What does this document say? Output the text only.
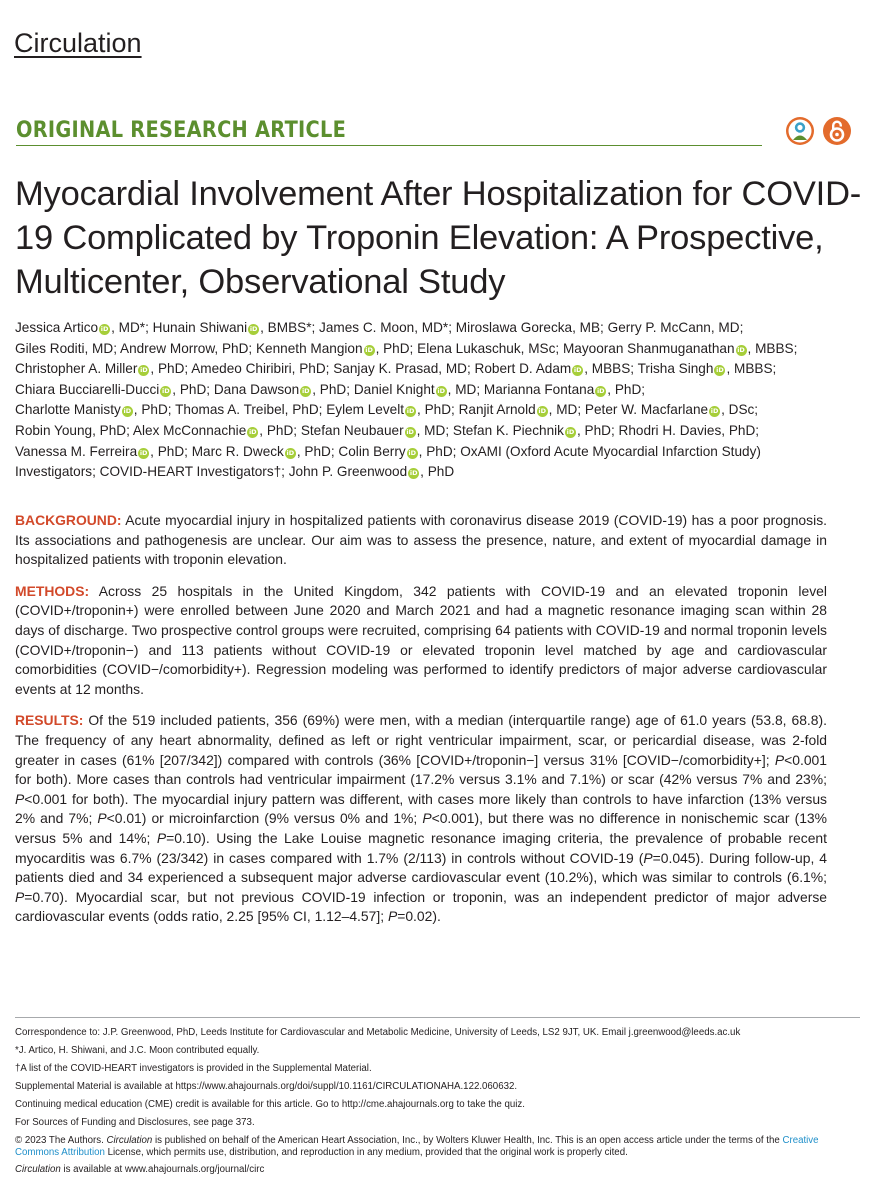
Circulation
ORIGINAL RESEARCH ARTICLE
Myocardial Involvement After Hospitalization for COVID-19 Complicated by Troponin Elevation: A Prospective, Multicenter, Observational Study
Jessica Artico iD , MD*; Hunain Shiwani iD , BMBS*; James C. Moon, MD*; Miroslawa Gorecka, MB; Gerry P. McCann, MD;
Giles Roditi, MD; Andrew Morrow, PhD; Kenneth Mangion iD , PhD; Elena Lukaschuk, MSc; Mayooran Shanmuganathan iD , MBBS;
Christopher A. Miller iD , PhD; Amedeo Chiribiri, PhD; Sanjay K. Prasad, MD; Robert D. Adam iD , MBBS; Trisha Singh iD , MBBS;
Chiara Bucciarelli-Ducci iD , PhD; Dana Dawson iD , PhD; Daniel Knight iD , MD; Marianna Fontana iD , PhD;
Charlotte Manisty iD , PhD; Thomas A. Treibel, PhD; Eylem Levelt iD , PhD; Ranjit Arnold iD , MD; Peter W. Macfarlane iD , DSc;
Robin Young, PhD; Alex McConnachie iD , PhD; Stefan Neubauer iD , MD; Stefan K. Piechnik iD , PhD; Rhodri H. Davies, PhD;
Vanessa M. Ferreira iD , PhD; Marc R. Dweck iD , PhD; Colin Berry iD , PhD; OxAMI (Oxford Acute Myocardial Infarction Study)
Investigators; COVID-HEART Investigators†; John P. Greenwood iD , PhD

BACKGROUND: Acute myocardial injury in hospitalized patients with coronavirus disease 2019 (COVID-19) has a poor prognosis. Its associations and pathogenesis are unclear. Our aim was to assess the presence, nature, and extent of myocardial damage in hospitalized patients with troponin elevation.

METHODS: Across 25 hospitals in the United Kingdom, 342 patients with COVID-19 and an elevated troponin level (COVID+/troponin+) were enrolled between June 2020 and March 2021 and had a magnetic resonance imaging scan within 28 days of discharge. Two prospective control groups were recruited, comprising 64 patients with COVID-19 and normal troponin levels (COVID+/troponin−) and 113 patients without COVID-19 or elevated troponin level matched by age and cardiovascular comorbidities (COVID−/comorbidity+). Regression modeling was performed to identify predictors of major adverse cardiovascular events at 12 months.

RESULTS: Of the 519 included patients, 356 (69%) were men, with a median (interquartile range) age of 61.0 years (53.8, 68.8). The frequency of any heart abnormality, defined as left or right ventricular impairment, scar, or pericardial disease, was 2-fold greater in cases (61% [207/342]) compared with controls (36% [COVID+/troponin−] versus 31% [COVID−/comorbidity+]; P<0.001 for both). More cases than controls had ventricular impairment (17.2% versus 3.1% and 7.1%) or scar (42% versus 7% and 23%; P<0.001 for both). The myocardial injury pattern was different, with cases more likely than controls to have infarction (13% versus 2% and 7%; P<0.01) or microinfarction (9% versus 0% and 1%; P<0.001), but there was no difference in nonischemic scar (13% versus 5% and 14%; P=0.10). Using the Lake Louise magnetic resonance imaging criteria, the prevalence of probable recent myocarditis was 6.7% (23/342) in cases compared with 1.7% (2/113) in controls without COVID-19 (P=0.045). During follow-up, 4 patients died and 34 experienced a subsequent major adverse cardiovascular event (10.2%), which was similar to controls (6.1%; P=0.70). Myocardial scar, but not previous COVID-19 infection or troponin, was an independent predictor of major adverse cardiovascular events (odds ratio, 2.25 [95% CI, 1.12–4.57]; P=0.02).

Correspondence to: J.P. Greenwood, PhD, Leeds Institute for Cardiovascular and Metabolic Medicine, University of Leeds, LS2 9JT, UK. Email j.greenwood@leeds.ac.uk

*J. Artico, H. Shiwani, and J.C. Moon contributed equally.

†A list of the COVID-HEART investigators is provided in the Supplemental Material.

Supplemental Material is available at https://www.ahajournals.org/doi/suppl/10.1161/CIRCULATIONAHA.122.060632.

Continuing medical education (CME) credit is available for this article. Go to http://cme.ahajournals.org to take the quiz.

For Sources of Funding and Disclosures, see page 373.

© 2023 The Authors. Circulation is published on behalf of the American Heart Association, Inc., by Wolters Kluwer Health, Inc. This is an open access article under the terms of the Creative Commons Attribution License, which permits use, distribution, and reproduction in any medium, provided that the original work is properly cited.

Circulation is available at www.ahajournals.org/journal/circ
